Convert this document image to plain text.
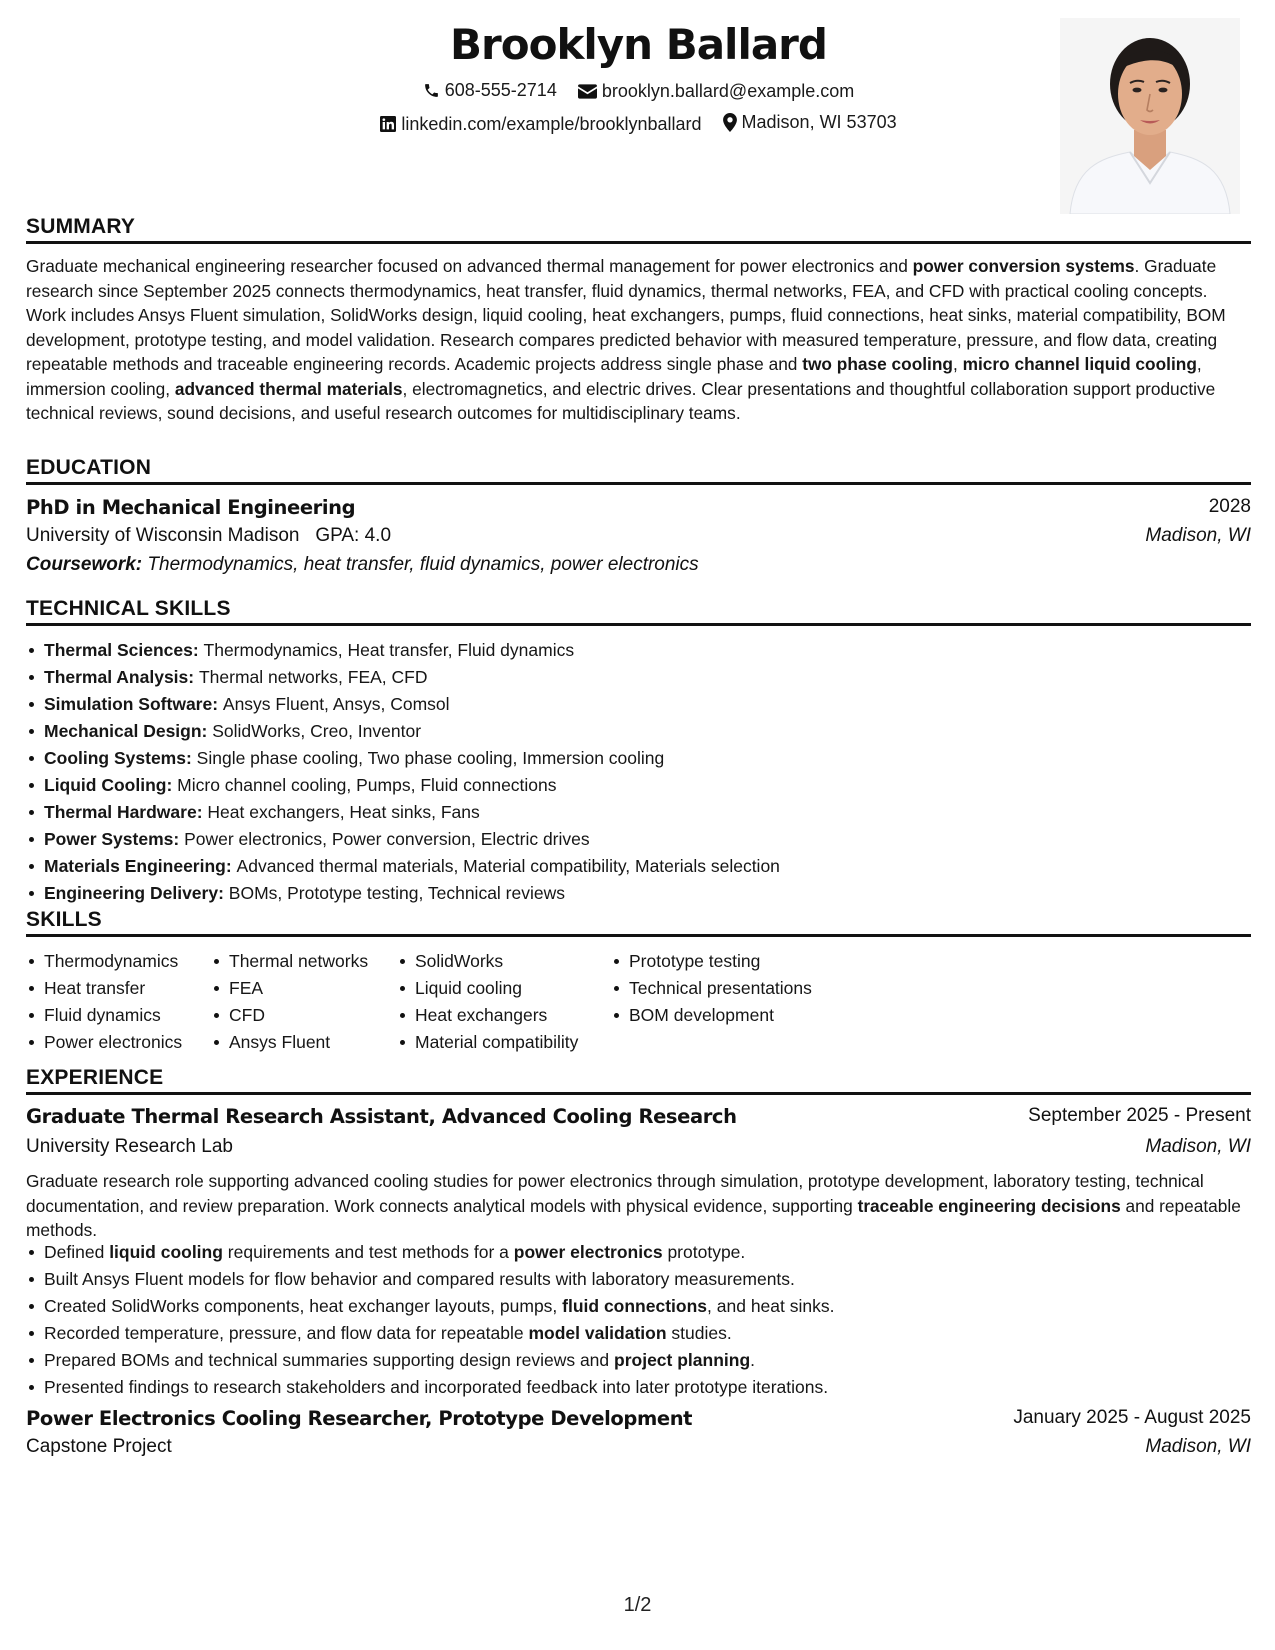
Brooklyn Ballard
608-555-2714
	brooklyn.ballard@example.com
linkedin.com/example/brooklynballard
Madison, WI 53703
SUMMARY
Graduate mechanical engineering researcher focused on advanced thermal management for power electronics and power conversion systems. Graduate research since September 2025 connects thermodynamics, heat transfer, fluid dynamics, thermal networks, FEA, and CFD with practical cooling concepts. Work includes Ansys Fluent simulation, SolidWorks design, liquid cooling, heat exchangers, pumps, fluid connections, heat sinks, material compatibility, BOM development, prototype testing, and model validation. Research compares predicted behavior with measured temperature, pressure, and flow data, creating repeatable methods and traceable engineering records. Academic projects address single phase and two phase cooling, micro channel liquid cooling, immersion cooling, advanced thermal materials, electromagnetics, and electric drives. Clear presentations and thoughtful collaboration support productive technical reviews, sound decisions, and useful research outcomes for multidisciplinary teams.
EDUCATION
PhD in Mechanical Engineering	2028
University of Wisconsin Madison GPA: 4.0	Madison, WI
Coursework: Thermodynamics, heat transfer, fluid dynamics, power electronics
TECHNICAL SKILLS
Thermal Sciences: Thermodynamics, Heat transfer, Fluid dynamics
Thermal Analysis: Thermal networks, FEA, CFD
Simulation Software: Ansys Fluent, Ansys, Comsol
Mechanical Design: SolidWorks, Creo, Inventor
Cooling Systems: Single phase cooling, Two phase cooling, Immersion cooling
Liquid Cooling: Micro channel cooling, Pumps, Fluid connections
Thermal Hardware: Heat exchangers, Heat sinks, Fans
Power Systems: Power electronics, Power conversion, Electric drives
Materials Engineering: Advanced thermal materials, Material compatibility, Materials selection
Engineering Delivery: BOMs, Prototype testing, Technical reviews
SKILLS
Thermodynamics
Heat transfer
Fluid dynamics
Power electronics
Thermal networks
FEA
CFD
Ansys Fluent
SolidWorks
Liquid cooling
Heat exchangers
Material compatibility
Prototype testing
Technical presentations
BOM development
EXPERIENCE
Graduate Thermal Research Assistant, Advanced Cooling Research	September 2025 - Present
University Research Lab	Madison, WI
Graduate research role supporting advanced cooling studies for power electronics through simulation, prototype development, laboratory testing, technical documentation, and review preparation. Work connects analytical models with physical evidence, supporting traceable engineering decisions and repeatable methods.
Defined liquid cooling requirements and test methods for a power electronics prototype.
Built Ansys Fluent models for flow behavior and compared results with laboratory measurements.
Created SolidWorks components, heat exchanger layouts, pumps, fluid connections, and heat sinks.
Recorded temperature, pressure, and flow data for repeatable model validation studies.
Prepared BOMs and technical summaries supporting design reviews and project planning.
Presented findings to research stakeholders and incorporated feedback into later prototype iterations.
Power Electronics Cooling Researcher, Prototype Development	January 2025 - August 2025
Capstone Project	Madison, WI
1/2
